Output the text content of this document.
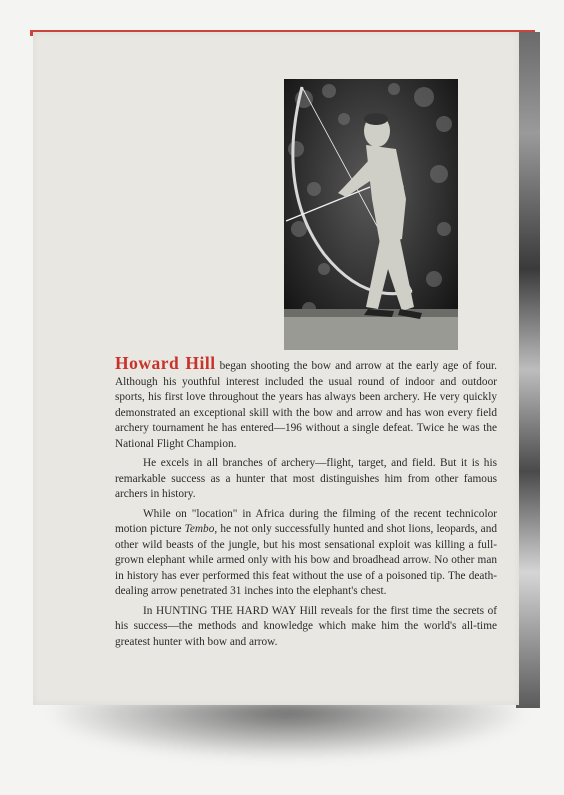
Howard Hill began shooting the bow and arrow at the early age of four. Although his youthful interest included the usual round of indoor and outdoor sports, his first love throughout the years has always been archery. He very quickly demonstrated an exceptional skill with the bow and arrow and has won every field archery tournament he has entered—196 without a single defeat. Twice he was the National Flight Champion.

He excels in all branches of archery—flight, target, and field. But it is his remarkable success as a hunter that most distinguishes him from other famous archers in history.

While on "location" in Africa during the filming of the recent technicolor motion picture Tembo, he not only successfully hunted and shot lions, leopards, and other wild beasts of the jungle, but his most sensational exploit was killing a full-grown elephant while armed only with his bow and broadhead arrow. No other man in history has ever performed this feat without the use of a poisoned tip. The death-dealing arrow penetrated 31 inches into the elephant's chest.

In HUNTING THE HARD WAY Hill reveals for the first time the secrets of his success—the methods and knowledge which make him the world's all-time greatest hunter with bow and arrow.
